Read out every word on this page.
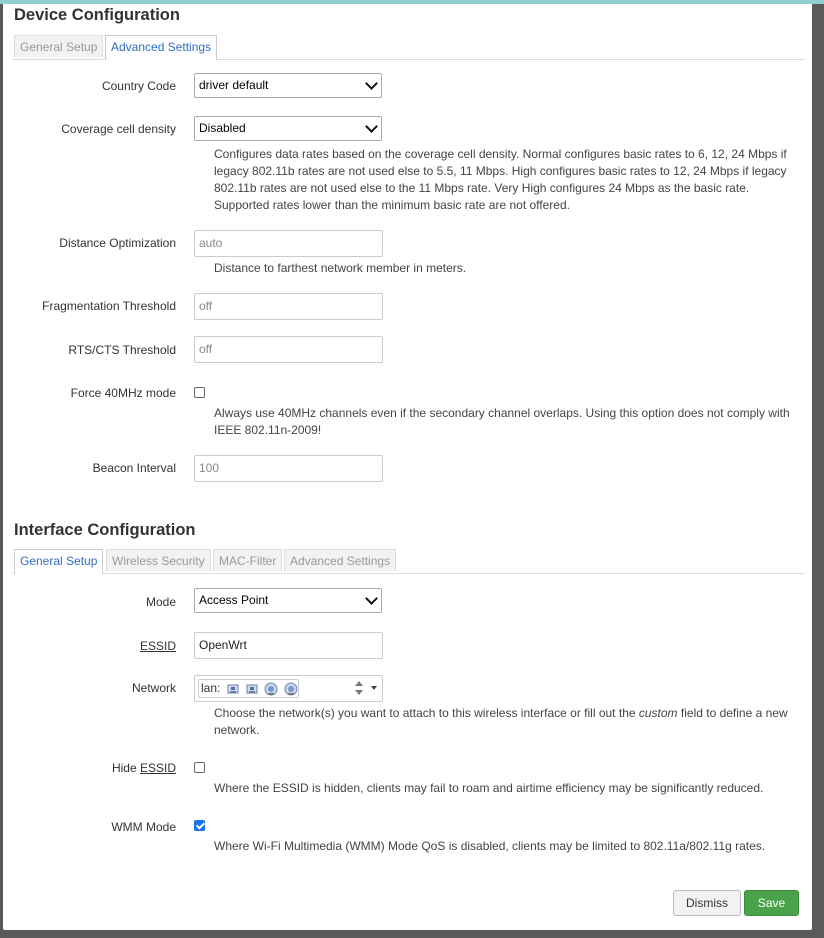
Device Configuration
General Setup	Advanced Settings
Country Code	driver default
Coverage cell density	Disabled
Configures data rates based on the coverage cell density. Normal configures basic rates to 6, 12, 24 Mbps if legacy 802.11b rates are not used else to 5.5, 11 Mbps. High configures basic rates to 12, 24 Mbps if legacy 802.11b rates are not used else to the 11 Mbps rate. Very High configures 24 Mbps as the basic rate. Supported rates lower than the minimum basic rate are not offered.
Distance Optimization	auto
Distance to farthest network member in meters.
Fragmentation Threshold	off
RTS/CTS Threshold	off
Force 40MHz mode
Always use 40MHz channels even if the secondary channel overlaps. Using this option does not comply with IEEE 802.11n-2009!
Beacon Interval	100
Interface Configuration
General Setup	Wireless Security	MAC-Filter	Advanced Settings
Mode	Access Point
ESSID	OpenWrt
Network lan:
Choose the network(s) you want to attach to this wireless interface or fill out the custom field to define a new network.
Hide ESSID
Where the ESSID is hidden, clients may fail to roam and airtime efficiency may be significantly reduced.
WMM Mode
Where Wi-Fi Multimedia (WMM) Mode QoS is disabled, clients may be limited to 802.11a/802.11g rates.
Dismiss	Save
